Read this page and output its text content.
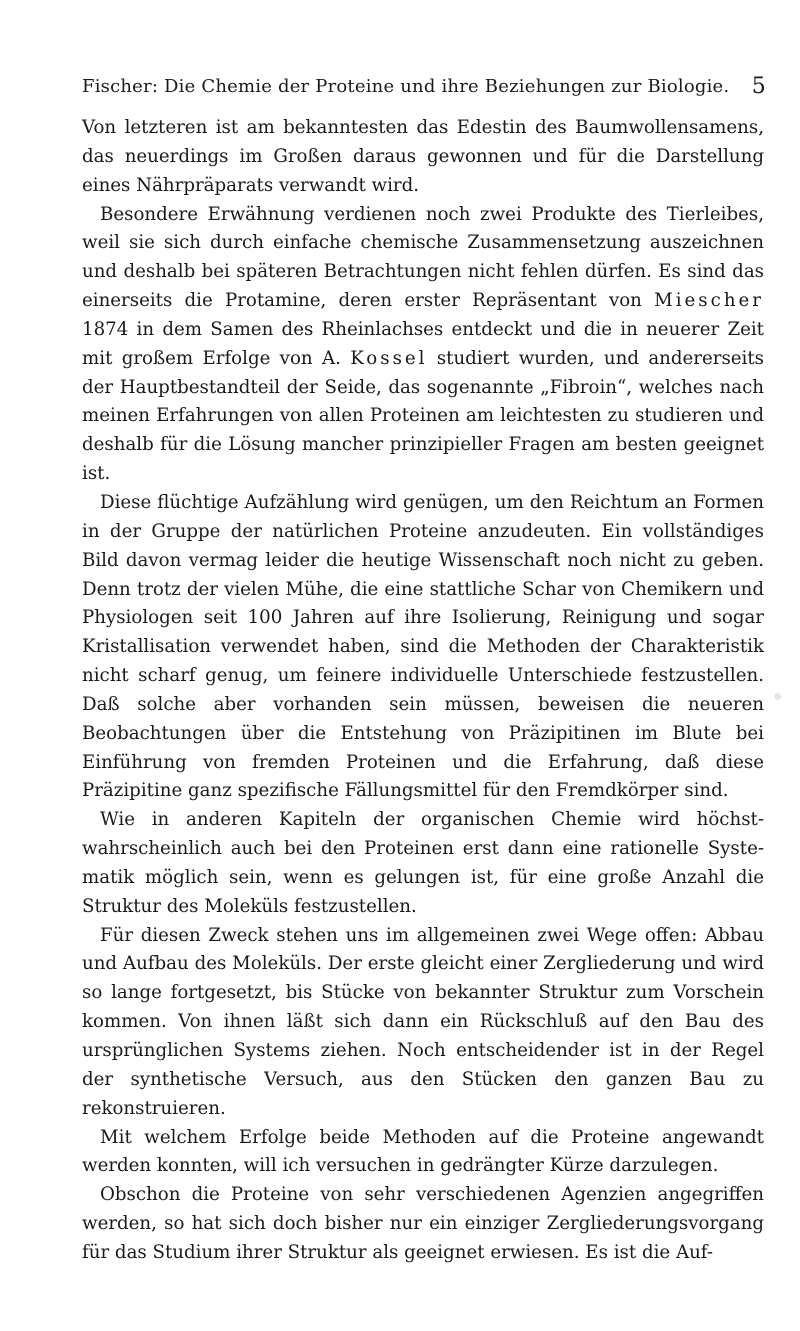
Fischer: Die Chemie der Proteine und ihre Beziehungen zur Biologie. 5

Von letzteren ist am bekanntesten das Edestin des Baumwollensamens, das neuerdings im Großen daraus gewonnen und für die Darstellung eines Nährpräparats verwandt wird.

Besondere Erwähnung verdienen noch zwei Produkte des Tierleibes, weil sie sich durch einfache chemische Zusammensetzung auszeichnen und deshalb bei späteren Betrachtungen nicht fehlen dürfen. Es sind das einerseits die Protamine, deren erster Repräsentant von Miescher 1874 in dem Samen des Rheinlachses entdeckt und die in neuerer Zeit mit großem Erfolge von A. Kossel studiert wurden, und andererseits der Hauptbestandteil der Seide, das sogenannte „Fibroin“, welches nach meinen Erfahrungen von allen Proteinen am leichtesten zu studieren und deshalb für die Lösung mancher prinzipieller Fragen am besten geeignet ist.

Diese flüchtige Aufzählung wird genügen, um den Reichtum an Formen in der Gruppe der natürlichen Proteine anzudeuten. Ein vollständiges Bild davon vermag leider die heutige Wissenschaft noch nicht zu geben. Denn trotz der vielen Mühe, die eine stattliche Schar von Chemikern und Physiologen seit 100 Jahren auf ihre Isolierung, Reinigung und sogar Kristallisation verwendet haben, sind die Methoden der Charakteristik nicht scharf genug, um feinere individuelle Unterschiede festzustellen. Daß solche aber vorhanden sein müssen, beweisen die neueren Beobachtungen über die Entstehung von Präzipitinen im Blute bei Einführung von fremden Proteinen und die Erfahrung, daß diese Präzipitine ganz spezifische Fällungsmittel für den Fremdkörper sind.

Wie in anderen Kapiteln der organischen Chemie wird höchstwahrscheinlich auch bei den Proteinen erst dann eine rationelle Systematik möglich sein, wenn es gelungen ist, für eine große Anzahl die Struktur des Moleküls festzustellen.

Für diesen Zweck stehen uns im allgemeinen zwei Wege offen: Abbau und Aufbau des Moleküls. Der erste gleicht einer Zergliederung und wird so lange fortgesetzt, bis Stücke von bekannter Struktur zum Vorschein kommen. Von ihnen läßt sich dann ein Rückschluß auf den Bau des ursprünglichen Systems ziehen. Noch entscheidender ist in der Regel der synthetische Versuch, aus den Stücken den ganzen Bau zu rekonstruieren.

Mit welchem Erfolge beide Methoden auf die Proteine angewandt werden konnten, will ich versuchen in gedrängter Kürze darzulegen.

Obschon die Proteine von sehr verschiedenen Agenzien angegriffen werden, so hat sich doch bisher nur ein einziger Zergliederungsvorgang für das Studium ihrer Struktur als geeignet erwiesen. Es ist die Auf-
